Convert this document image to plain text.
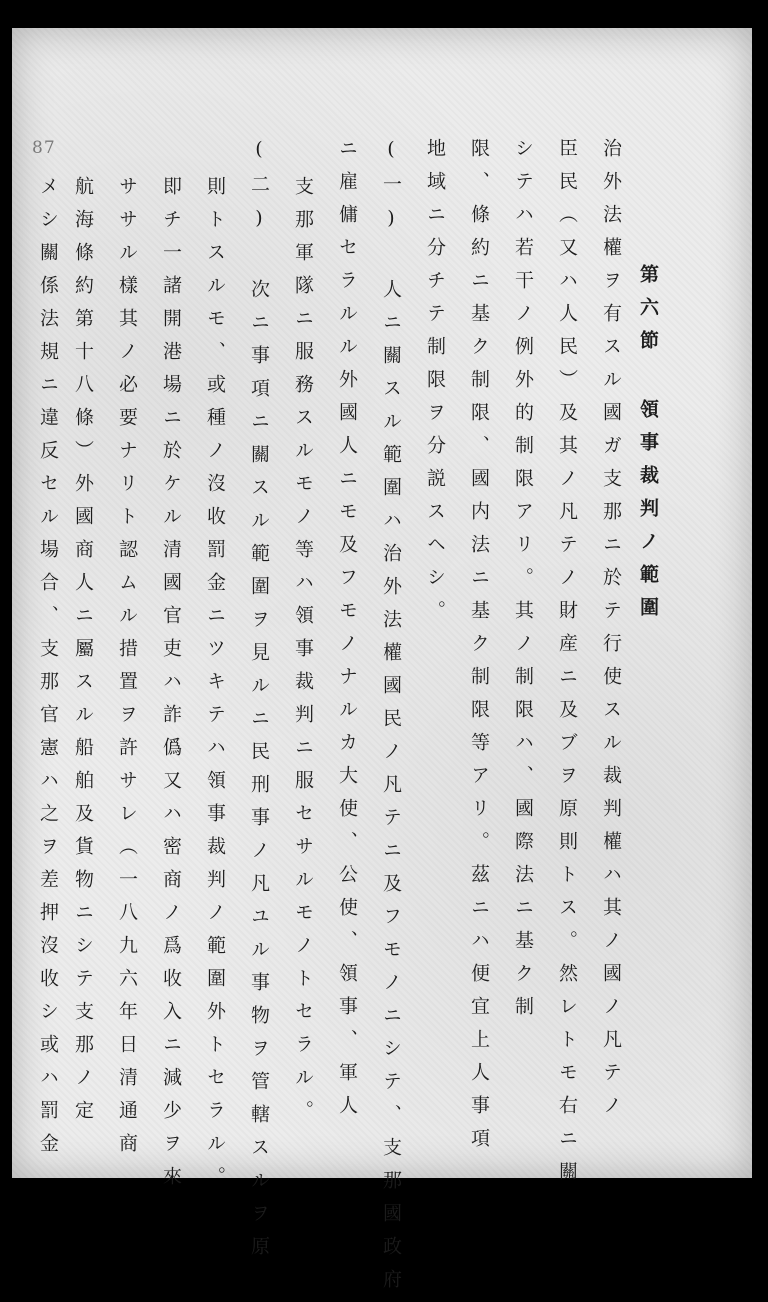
87
第六節 領事裁判ノ範圍
治外法權ヲ有スル國ガ支那ニ於テ行使スル裁判權ハ其ノ國ノ凡テノ
臣民（又ハ人民）及其ノ凡テノ財産ニ及ブヲ原則トス。然レトモ右ニ關
シテハ若干ノ例外的制限アリ。其ノ制限ハ、國際法ニ基ク制
限、條約ニ基ク制限、國内法ニ基ク制限等アリ。茲ニハ便宜上人事項
地域ニ分チテ制限ヲ分説スヘシ。
(一) 人ニ關スル範圍ハ治外法權國民ノ凡テニ及フモノニシテ、支那國政府
ニ雇傭セラルル外國人ニモ及フモノナルカ大使、公使、領事、軍人
支那軍隊ニ服務スルモノ等ハ領事裁判ニ服セサルモノトセラル。
(二) 次ニ事項ニ關スル範圍ヲ見ルニ民刑事ノ凡ユル事物ヲ管轄スルヲ原
則トスルモ、或種ノ沒收罰金ニツキテハ領事裁判ノ範圍外トセラル。
即チ一諸開港場ニ於ケル清國官吏ハ詐僞又ハ密商ノ爲收入ニ減少ヲ來
ササル樣其ノ必要ナリト認ムル措置ヲ許サレ（一八九六年日清通商
航海條約第十八條）外國商人ニ屬スル船舶及貨物ニシテ支那ノ定
メシ關係法規ニ違反セル場合、支那官憲ハ之ヲ差押沒收シ或ハ罰金
